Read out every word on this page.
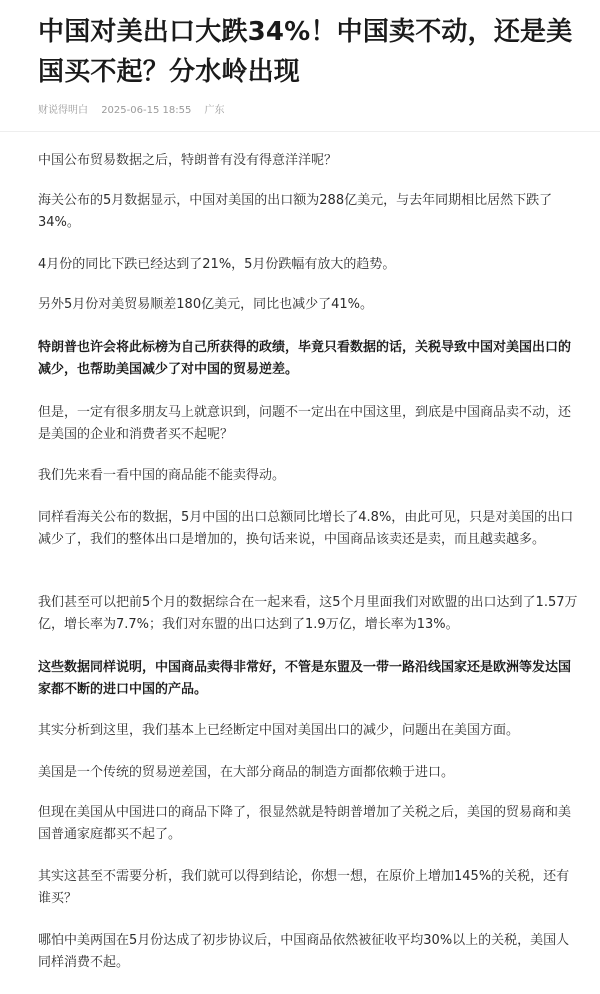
中国对美出口大跌34%！中国卖不动，还是美国买不起？分水岭出现
财说得明白 2025-06-15 18:55 广东

中国公布贸易数据之后，特朗普有没有得意洋洋呢？

海关公布的5月数据显示，中国对美国的出口额为288亿美元，与去年同期相比居然下跌了34%。

4月份的同比下跌已经达到了21%，5月份跌幅有放大的趋势。

另外5月份对美贸易顺差180亿美元，同比也减少了41%。

特朗普也许会将此标榜为自己所获得的政绩，毕竟只看数据的话，关税导致中国对美国出口的减少，也帮助美国减少了对中国的贸易逆差。

但是，一定有很多朋友马上就意识到，问题不一定出在中国这里，到底是中国商品卖不动，还是美国的企业和消费者买不起呢？

我们先来看一看中国的商品能不能卖得动。

同样看海关公布的数据，5月中国的出口总额同比增长了4.8%，由此可见，只是对美国的出口减少了，我们的整体出口是增加的，换句话来说，中国商品该卖还是卖，而且越卖越多。

我们甚至可以把前5个月的数据综合在一起来看，这5个月里面我们对欧盟的出口达到了1.57万亿，增长率为7.7%；我们对东盟的出口达到了1.9万亿，增长率为13%。

这些数据同样说明，中国商品卖得非常好，不管是东盟及一带一路沿线国家还是欧洲等发达国家都不断的进口中国的产品。

其实分析到这里，我们基本上已经断定中国对美国出口的减少，问题出在美国方面。

美国是一个传统的贸易逆差国，在大部分商品的制造方面都依赖于进口。

但现在美国从中国进口的商品下降了，很显然就是特朗普增加了关税之后，美国的贸易商和美国普通家庭都买不起了。

其实这甚至不需要分析，我们就可以得到结论，你想一想，在原价上增加145%的关税，还有谁买？

哪怕中美两国在5月份达成了初步协议后，中国商品依然被征收平均30%以上的关税，美国人同样消费不起。
